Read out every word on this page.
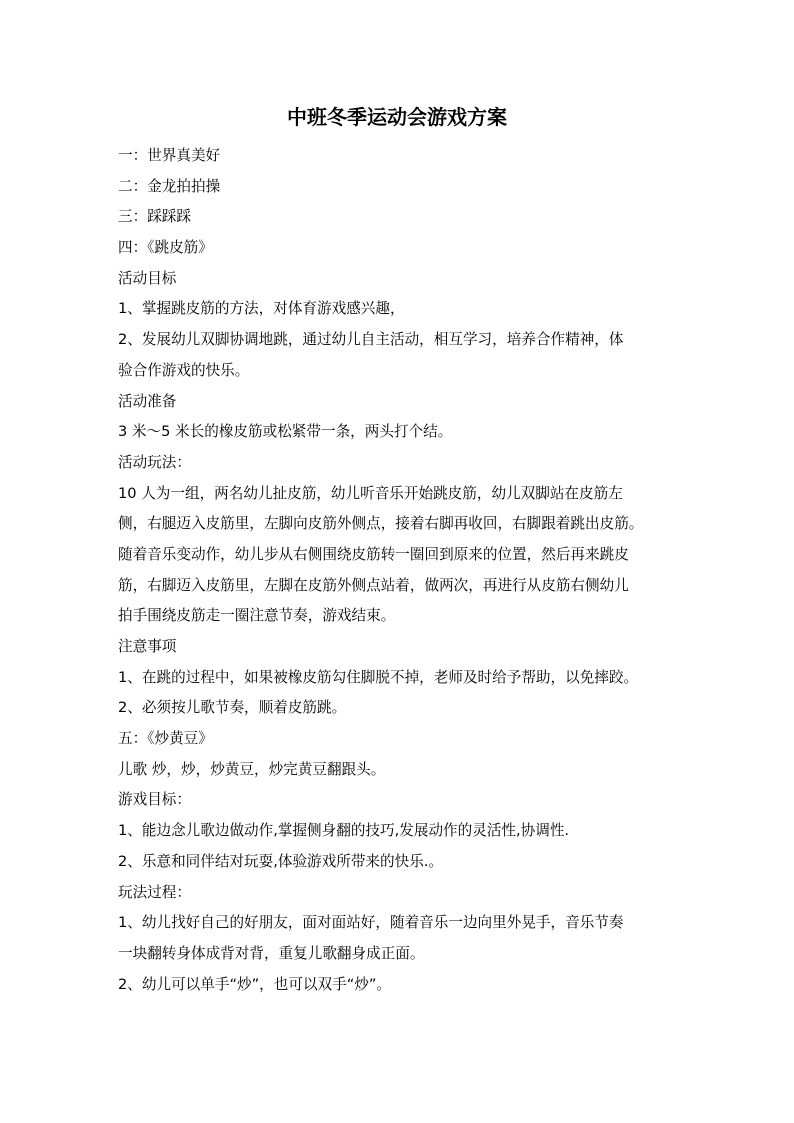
中班冬季运动会游戏方案
一：世界真美好
二：金龙拍拍操
三：踩踩踩
四：《跳皮筋》
活动目标
1、掌握跳皮筋的方法，对体育游戏感兴趣，
2、发展幼儿双脚协调地跳，通过幼儿自主活动，相互学习，培养合作精神，体
验合作游戏的快乐。
活动准备
3 米～5 米长的橡皮筋或松紧带一条，两头打个结。
活动玩法：
10 人为一组，两名幼儿扯皮筋，幼儿听音乐开始跳皮筋，幼儿双脚站在皮筋左
侧，右腿迈入皮筋里，左脚向皮筋外侧点，接着右脚再收回，右脚跟着跳出皮筋。
随着音乐变动作，幼儿步从右侧围绕皮筋转一圈回到原来的位置，然后再来跳皮
筋，右脚迈入皮筋里，左脚在皮筋外侧点站着，做两次，再进行从皮筋右侧幼儿
拍手围绕皮筋走一圈注意节奏，游戏结束。
注意事项
1、在跳的过程中，如果被橡皮筋勾住脚脱不掉，老师及时给予帮助，以免摔跤。
2、必须按儿歌节奏，顺着皮筋跳。
五：《炒黄豆》
儿歌 炒，炒，炒黄豆，炒完黄豆翻跟头。
游戏目标：
1、能边念儿歌边做动作,掌握侧身翻的技巧,发展动作的灵活性,协调性.
2、乐意和同伴结对玩耍,体验游戏所带来的快乐.。
玩法过程：
1、幼儿找好自己的好朋友，面对面站好，随着音乐一边向里外晃手，音乐节奏
一块翻转身体成背对背，重复儿歌翻身成正面。
2、幼儿可以单手“炒”，也可以双手“炒”。
